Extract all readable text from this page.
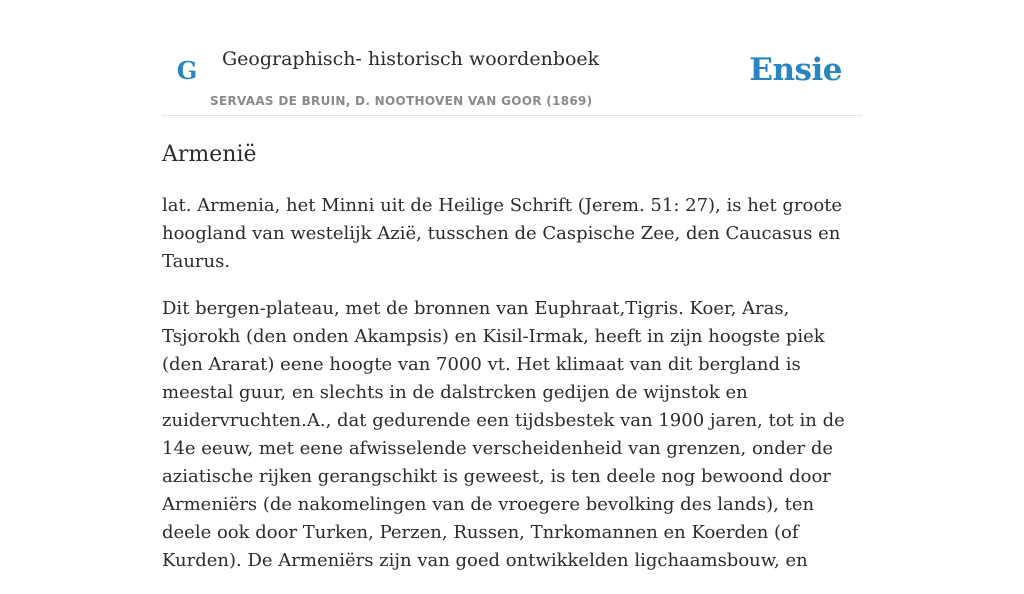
G Geographisch- historisch woordenboek
SERVAAS DE BRUIN, D. NOOTHOVEN VAN GOOR (1869)
Ensie
Armenië

lat. Armenia, het Minni uit de Heilige Schrift (Jerem. 51: 27), is het groote hoogland van westelijk Azië, tusschen de Caspische Zee, den Caucasus en Taurus.

Dit bergen-plateau, met de bronnen van Euphraat,Tigris. Koer, Aras, Tsjorokh (den onden Akampsis) en Kisil-Irmak, heeft in zijn hoogste piek (den Ararat) eene hoogte van 7000 vt. Het klimaat van dit bergland is meestal guur, en slechts in de dalstrcken gedijen de wijnstok en zuidervruchten.A., dat gedurende een tijdsbestek van 1900 jaren, tot in de 14e eeuw, met eene afwisselende verscheidenheid van grenzen, onder de aziatische rijken gerangschikt is geweest, is ten deele nog bewoond door Armeniërs (de nakomelingen van de vroegere bevolking des lands), ten deele ook door Turken, Perzen, Russen, Tnrkomannen en Koerden (of Kurden). De Armeniërs zijn van goed ontwikkelden ligchaamsbouw, en
